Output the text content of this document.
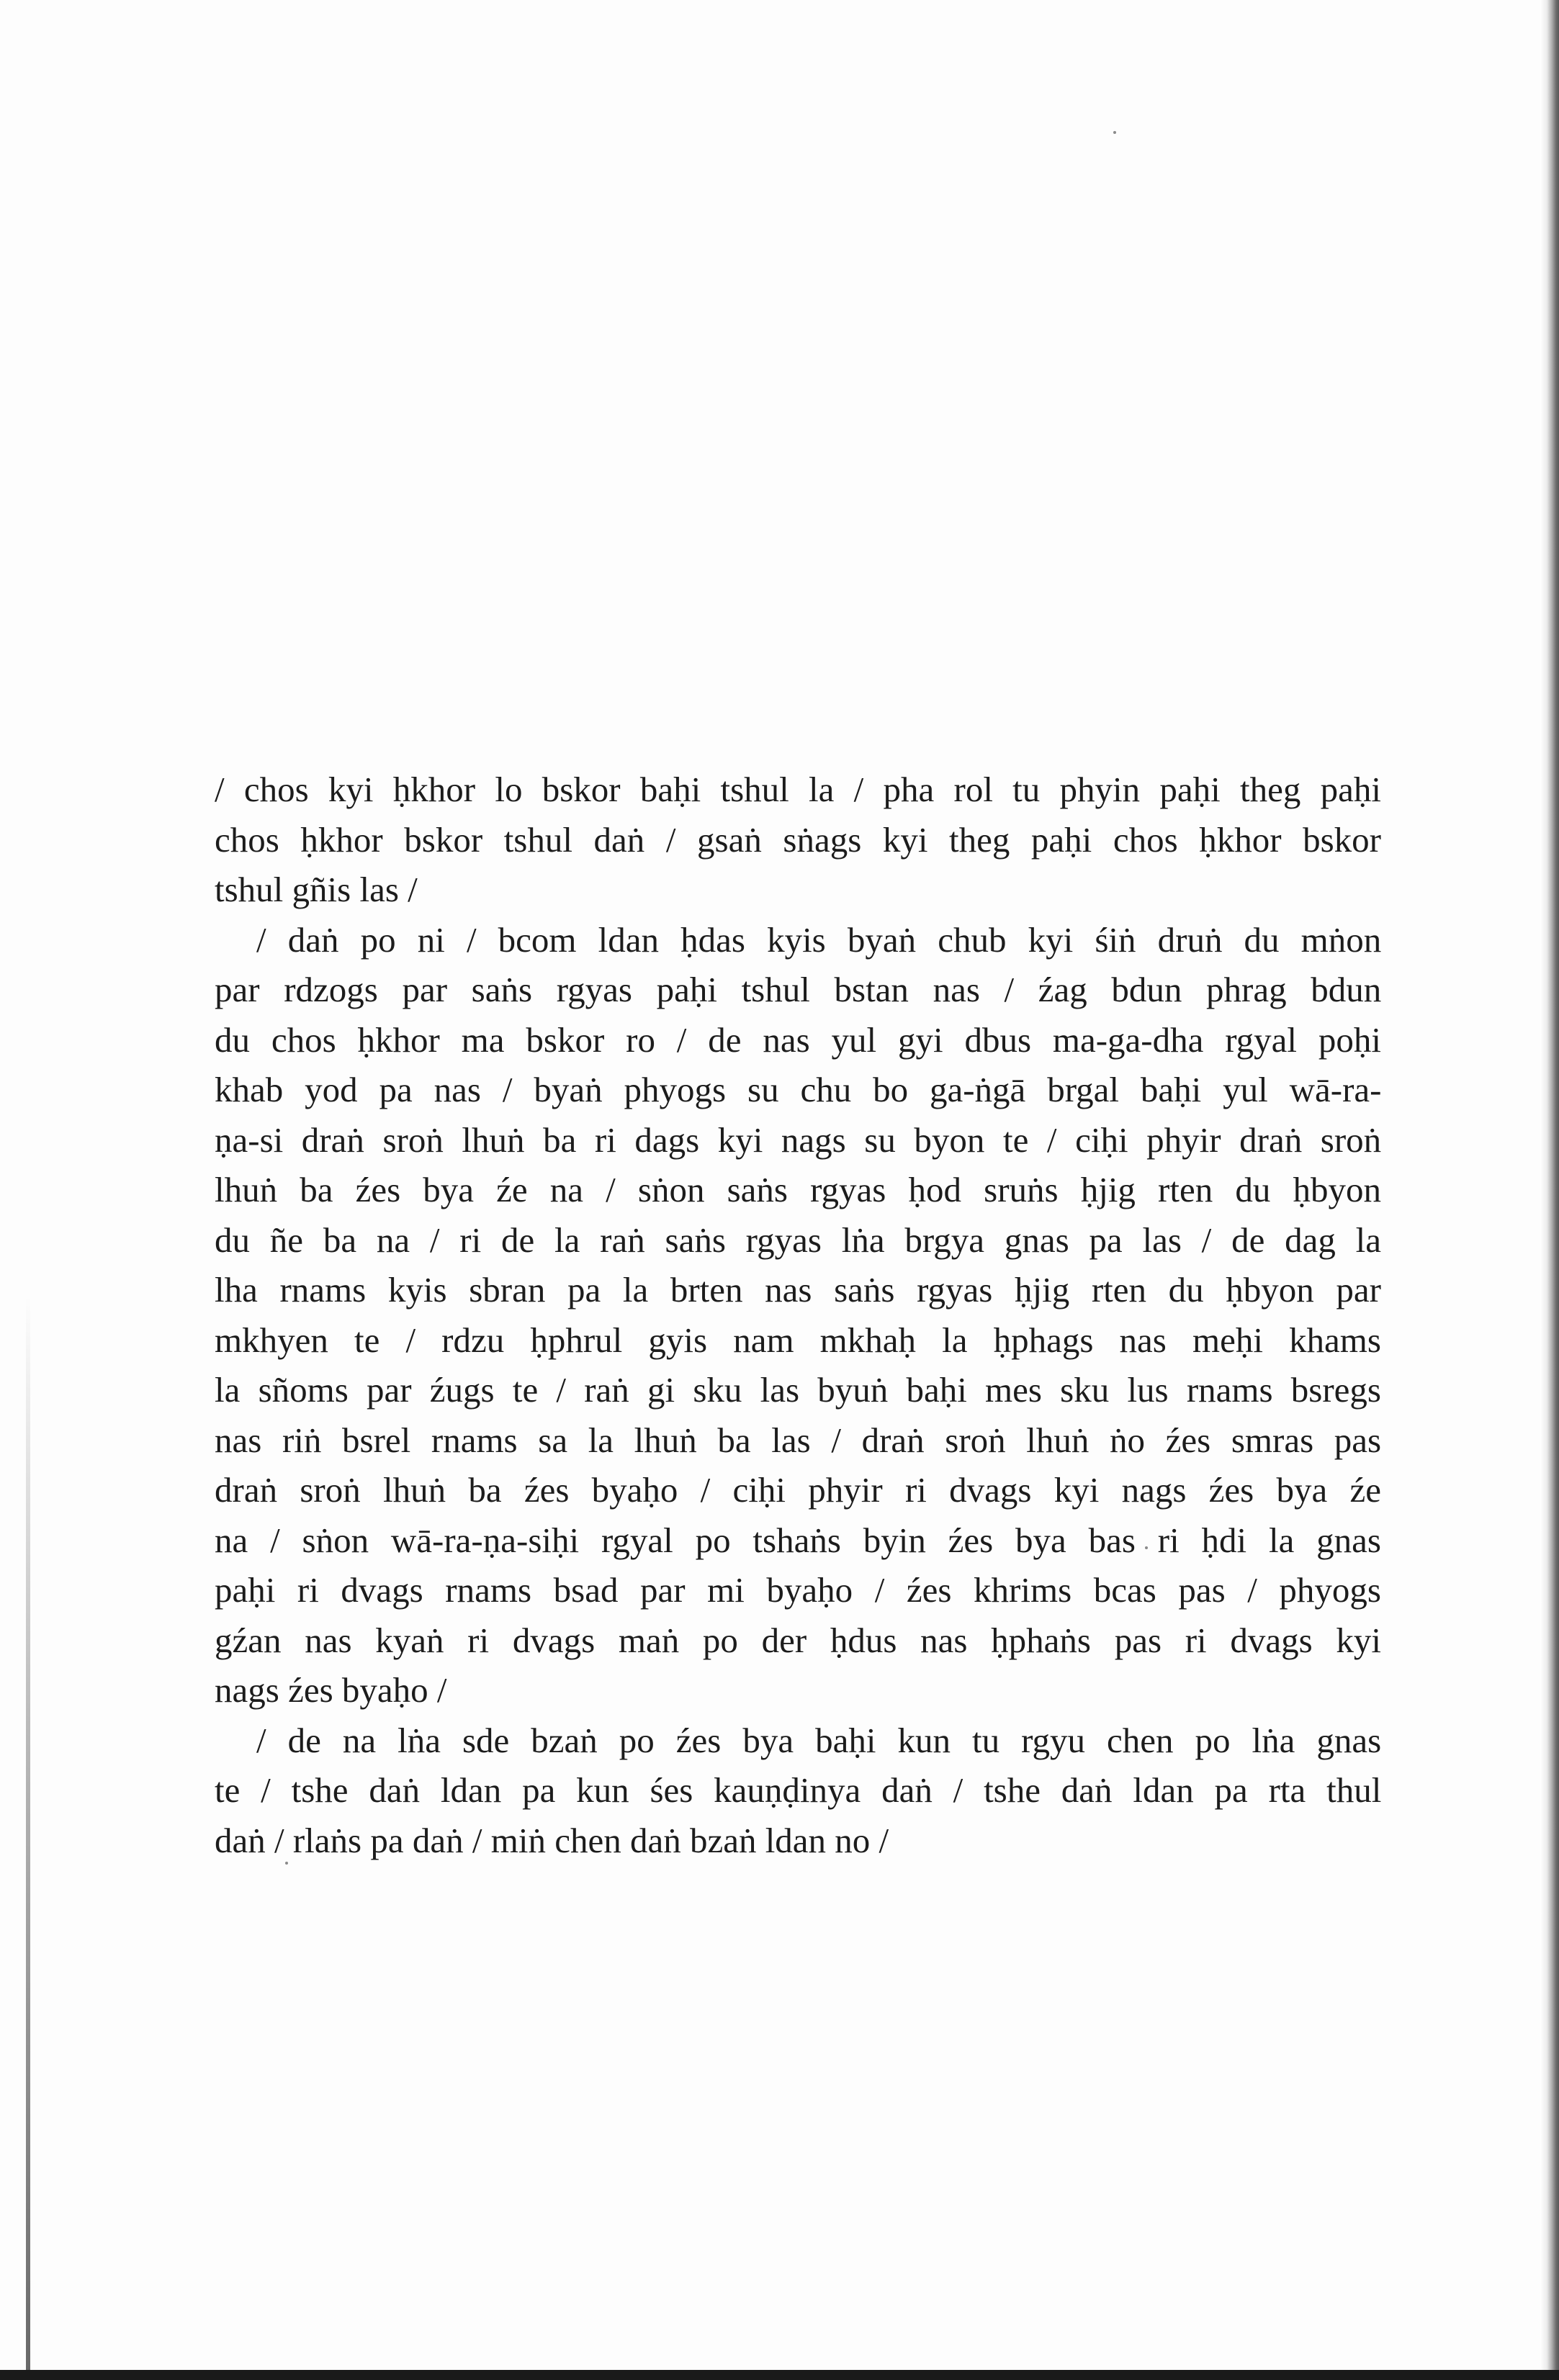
/ chos kyi ḥkhor lo bskor baḥi tshul la / pha rol tu phyin paḥi theg paḥi
chos ḥkhor bskor tshul daṅ / gsaṅ sṅags kyi theg paḥi chos ḥkhor bskor
tshul gñis las /

/ daṅ po ni / bcom ldan ḥdas kyis byaṅ chub kyi śiṅ druṅ du mṅon
par rdzogs par saṅs rgyas paḥi tshul bstan nas / źag bdun phrag bdun
du chos ḥkhor ma bskor ro / de nas yul gyi dbus ma-ga-dha rgyal poḥi
khab yod pa nas / byaṅ phyogs su chu bo ga-ṅgā brgal baḥi yul wā-ra-
ṇa-si draṅ sroṅ lhuṅ ba ri dags kyi nags su byon te / ciḥi phyir draṅ sroṅ
lhuṅ ba źes bya źe na / sṅon saṅs rgyas ḥod sruṅs ḥjig rten du ḥbyon
du ñe ba na / ri de la raṅ saṅs rgyas lṅa brgya gnas pa las / de dag la
lha rnams kyis sbran pa la brten nas saṅs rgyas ḥjig rten du ḥbyon par
mkhyen te / rdzu ḥphrul gyis nam mkhaḥ la ḥphags nas meḥi khams
la sñoms par źugs te / raṅ gi sku las byuṅ baḥi mes sku lus rnams bsregs
nas riṅ bsrel rnams sa la lhuṅ ba las / draṅ sroṅ lhuṅ ṅo źes smras pas
draṅ sroṅ lhuṅ ba źes byaḥo / ciḥi phyir ri dvags kyi nags źes bya źe
na / sṅon wā-ra-ṇa-siḥi rgyal po tshaṅs byin źes bya bas ri ḥdi la gnas
paḥi ri dvags rnams bsad par mi byaḥo / źes khrims bcas pas / phyogs
gźan nas kyaṅ ri dvags maṅ po der ḥdus nas ḥphaṅs pas ri dvags kyi
nags źes byaḥo /

/ de na lṅa sde bzaṅ po źes bya baḥi kun tu rgyu chen po lṅa gnas
te / tshe daṅ ldan pa kun śes kauṇḍinya daṅ / tshe daṅ ldan pa rta thul
daṅ / rlaṅs pa daṅ / miṅ chen daṅ bzaṅ ldan no /
